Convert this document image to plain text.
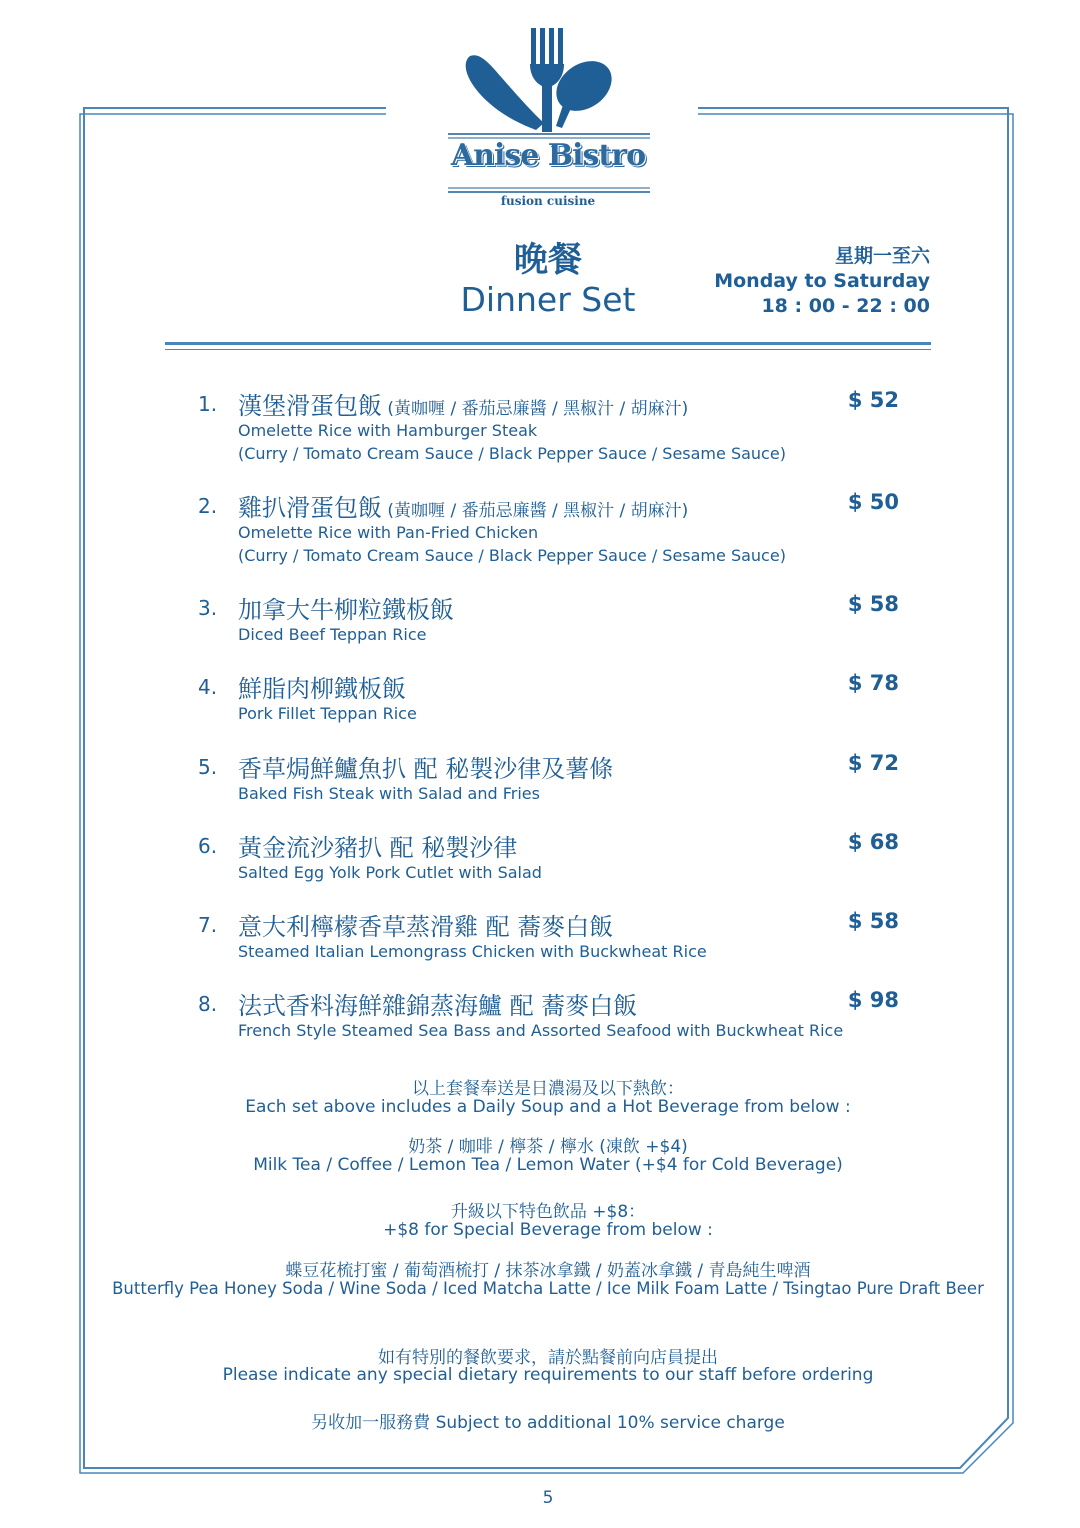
Anise Bistro
fusion cuisine
晚餐
Dinner Set
星期一至六
Monday to Saturday
18 : 00 - 22 : 00
1. 漢堡滑蛋包飯 (黃咖喱 / 番茄忌廉醬 / 黑椒汁 / 胡麻汁)
Omelette Rice with Hamburger Steak
(Curry / Tomato Cream Sauce / Black Pepper Sauce / Sesame Sauce)
$ 52
2. 雞扒滑蛋包飯 (黃咖喱 / 番茄忌廉醬 / 黑椒汁 / 胡麻汁)
Omelette Rice with Pan-Fried Chicken
(Curry / Tomato Cream Sauce / Black Pepper Sauce / Sesame Sauce)
$ 50
3. 加拿大牛柳粒鐵板飯
Diced Beef Teppan Rice
$ 58
4. 鮮脂肉柳鐵板飯
Pork Fillet Teppan Rice
$ 78
5. 香草焗鮮鱸魚扒 配 秘製沙律及薯條
Baked Fish Steak with Salad and Fries
$ 72
6. 黃金流沙豬扒 配 秘製沙律
Salted Egg Yolk Pork Cutlet with Salad
$ 68
7. 意大利檸檬香草蒸滑雞 配 蕎麥白飯
Steamed Italian Lemongrass Chicken with Buckwheat Rice
$ 58
8. 法式香料海鮮雜錦蒸海鱸 配 蕎麥白飯
French Style Steamed Sea Bass and Assorted Seafood with Buckwheat Rice
$ 98
以上套餐奉送是日濃湯及以下熱飲：
Each set above includes a Daily Soup and a Hot Beverage from below :
奶茶 / 咖啡 / 檸茶 / 檸水 (凍飲 +$4)
Milk Tea / Coffee / Lemon Tea / Lemon Water (+$4 for Cold Beverage)
升級以下特色飲品 +$8：
+$8 for Special Beverage from below :
蝶豆花梳打蜜 / 葡萄酒梳打 / 抹茶冰拿鐵 / 奶蓋冰拿鐵 / 青島純生啤酒
Butterfly Pea Honey Soda / Wine Soda / Iced Matcha Latte / Ice Milk Foam Latte / Tsingtao Pure Draft Beer
如有特別的餐飲要求，請於點餐前向店員提出
Please indicate any special dietary requirements to our staff before ordering
另收加一服務費 Subject to additional 10% service charge
5
